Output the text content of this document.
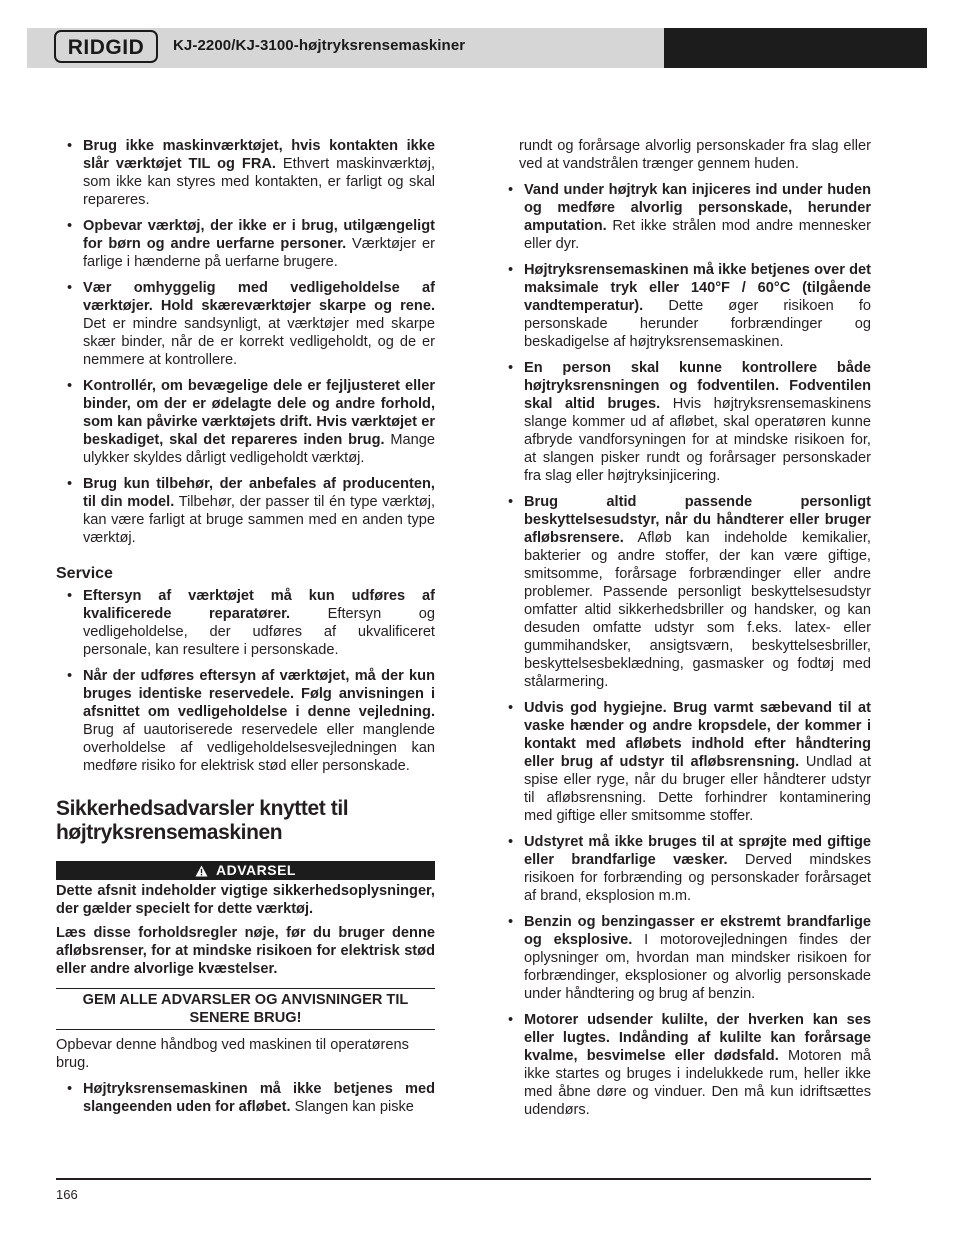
RIDGID KJ-2200/KJ-3100-højtryksrensemaskiner
• Brug ikke maskinværktøjet, hvis kontakten ikke slår værktøjet TIL og FRA. Ethvert maskinværktøj, som ikke kan styres med kontakten, er farligt og skal repareres.
• Opbevar værktøj, der ikke er i brug, utilgængeligt for børn og andre uerfarne personer. Værktøjer er farlige i hænderne på uerfarne brugere.
• Vær omhyggelig med vedligeholdelse af værktøjer. Hold skæreværktøjer skarpe og rene. Det er mindre sandsynligt, at værktøjer med skarpe skær binder, når de er korrekt vedligeholdt, og de er nemmere at kontrollere.
• Kontrollér, om bevægelige dele er fejljusteret eller binder, om der er ødelagte dele og andre forhold, som kan påvirke værktøjets drift. Hvis værktøjet er beskadiget, skal det repareres inden brug. Mange ulykker skyldes dårligt vedligeholdt værktøj.
• Brug kun tilbehør, der anbefales af producenten, til din model. Tilbehør, der passer til én type værktøj, kan være farligt at bruge sammen med en anden type værktøj.
Service
• Eftersyn af værktøjet må kun udføres af kvalificerede reparatører. Eftersyn og vedligeholdelse, der udføres af ukvalificeret personale, kan resultere i personskade.
• Når der udføres eftersyn af værktøjet, må der kun bruges identiske reservedele. Følg anvisningen i afsnittet om vedligeholdelse i denne vejledning. Brug af uautoriserede reservedele eller manglende overholdelse af vedligeholdelsesvejledningen kan medføre risiko for elektrisk stød eller personskade.
Sikkerhedsadvarsler knyttet til højtryksrensemaskinen
ADVARSEL
Dette afsnit indeholder vigtige sikkerhedsoplysninger, der gælder specielt for dette værktøj.
Læs disse forholdsregler nøje, før du bruger denne afløbsrenser, for at mindske risikoen for elektrisk stød eller andre alvorlige kvæstelser.
GEM ALLE ADVARSLER OG ANVISNINGER TIL SENERE BRUG!
Opbevar denne håndbog ved maskinen til operatørens brug.
• Højtryksrensemaskinen må ikke betjenes med slangeenden uden for afløbet. Slangen kan piske
rundt og forårsage alvorlig personskader fra slag eller ved at vandstrålen trænger gennem huden.
• Vand under højtryk kan injiceres ind under huden og medføre alvorlig personskade, herunder amputation. Ret ikke strålen mod andre mennesker eller dyr.
• Højtryksrensemaskinen må ikke betjenes over det maksimale tryk eller 140°F / 60°C (tilgående vandtemperatur). Dette øger risikoen fo personskade herunder forbrændinger og beskadigelse af højtryksrensemaskinen.
• En person skal kunne kontrollere både højtryksrensningen og fodventilen. Fodventilen skal altid bruges. Hvis højtryksrensemaskinens slange kommer ud af afløbet, skal operatøren kunne afbryde vandforsyningen for at mindske risikoen for, at slangen pisker rundt og forårsager personskader fra slag eller højtryksinjicering.
• Brug altid passende personligt beskyttelsesudstyr, når du håndterer eller bruger afløbsrensere. Afløb kan indeholde kemikalier, bakterier og andre stoffer, der kan være giftige, smitsomme, forårsage forbrændinger eller andre problemer. Passende personligt beskyttelsesudstyr omfatter altid sikkerhedsbriller og handsker, og kan desuden omfatte udstyr som f.eks. latex- eller gummihandsker, ansigtsværn, beskyttelsesbriller, beskyttelsesbeklædning, gasmasker og fodtøj med stålarmering.
• Udvis god hygiejne. Brug varmt sæbevand til at vaske hænder og andre kropsdele, der kommer i kontakt med afløbets indhold efter håndtering eller brug af udstyr til afløbsrensning. Undlad at spise eller ryge, når du bruger eller håndterer udstyr til afløbsrensning. Dette forhindrer kontaminering med giftige eller smitsomme stoffer.
• Udstyret må ikke bruges til at sprøjte med giftige eller brandfarlige væsker. Derved mindskes risikoen for forbrænding og personskader forårsaget af brand, eksplosion m.m.
• Benzin og benzingasser er ekstremt brandfarlige og eksplosive. I motorovejledningen findes der oplysninger om, hvordan man mindsker risikoen for forbrændinger, eksplosioner og alvorlig personskade under håndtering og brug af benzin.
• Motorer udsender kulilte, der hverken kan ses eller lugtes. Indånding af kulilte kan forårsage kvalme, besvimelse eller dødsfald. Motoren må ikke startes og bruges i indelukkede rum, heller ikke med åbne døre og vinduer. Den må kun idriftsættes udendørs.
166
